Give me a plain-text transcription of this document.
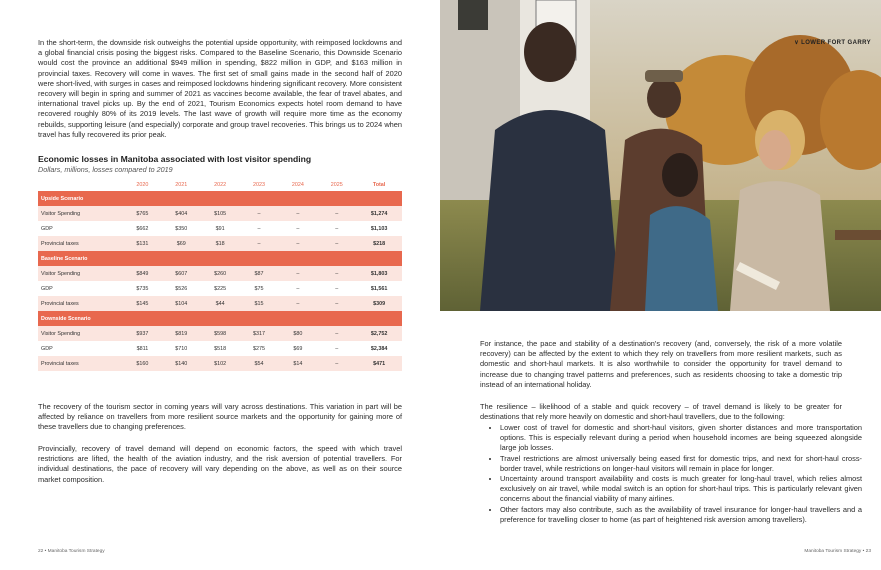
In the short-term, the downside risk outweighs the potential upside opportunity, with reimposed lockdowns and a global financial crisis posing the biggest risks. Compared to the Baseline Scenario, this Downside Scenario would cost the province an additional $949 million in spending, $822 million in GDP, and $163 million in provincial taxes. Recovery will come in waves. The first set of small gains made in the second half of 2020 were short-lived, with surges in cases and reimposed lockdowns hindering significant recovery. More consistent recovery will begin in spring and summer of 2021 as vaccines become available, the fear of travel abates, and international travel picks up. By the end of 2021, Tourism Economics expects hotel room demand to have recovered roughly 80% of its 2019 levels. The last wave of growth will require more time as the economy rebuilds, supporting leisure (and especially) corporate and group travel recoveries. This brings us to 2024 when travel has fully recovered its prior peak.

Economic losses in Manitoba associated with lost visitor spending
Dollars, millions, losses compared to 2019
	2020	2021	2022	2023	2024	2025	Total
Upside Scenario							
Visitor Spending	$765	$404	$105	–	–	–	$1,274
GDP	$662	$350	$91	–	–	–	$1,103
Provincial taxes	$131	$69	$18	–	–	–	$218
Baseline Scenario							
Visitor Spending	$849	$607	$260	$87	–	–	$1,803
GDP	$735	$526	$225	$75	–	–	$1,561
Provincial taxes	$145	$104	$44	$15	–	–	$309
Downside Scenario							
Visitor Spending	$937	$819	$598	$317	$80	–	$2,752
GDP	$811	$710	$518	$275	$69	–	$2,384
Provincial taxes	$160	$140	$102	$54	$14	–	$471

The recovery of the tourism sector in coming years will vary across destinations. This variation in part will be affected by reliance on travellers from more resilient source markets and the opportunity for gaining more of these travellers due to changing preferences.

Provincially, recovery of travel demand will depend on economic factors, the speed with which travel restrictions are lifted, the health of the aviation industry, and the risk aversion of potential travellers. For individual destinations, the pace of recovery will vary depending on the above, as well as on their source market composition.

22 • Manitoba Tourism Strategy
∨ LOWER FORT GARRY

For instance, the pace and stability of a destination's recovery (and, conversely, the risk of a more volatile recovery) can be affected by the extent to which they rely on travellers from more resilient markets, such as domestic and short-haul markets. It is also worthwhile to consider the opportunity for travel demand to increase due to changing travel patterns and preferences, such as residents choosing to take a domestic trip instead of an international holiday.

The resilience – likelihood of a stable and quick recovery – of travel demand is likely to be greater for destinations that rely more heavily on domestic and short-haul travellers, due to the following:

• Lower cost of travel for domestic and short-haul visitors, given shorter distances and more transportation options. This is especially relevant during a period when household incomes are being squeezed alongside large job losses.
• Travel restrictions are almost universally being eased first for domestic trips, and next for short-haul cross-border travel, while restrictions on longer-haul visitors will remain in place for longer.
• Uncertainty around transport availability and costs is much greater for long-haul travel, which relies almost exclusively on air travel, while modal switch is an option for short-haul trips. This is particularly relevant given concerns about the financial viability of many airlines.
• Other factors may also contribute, such as the availability of travel insurance for longer-haul travellers and a preference for travelling closer to home (as part of heightened risk aversion among travellers).
Manitoba Tourism Strategy • 23
